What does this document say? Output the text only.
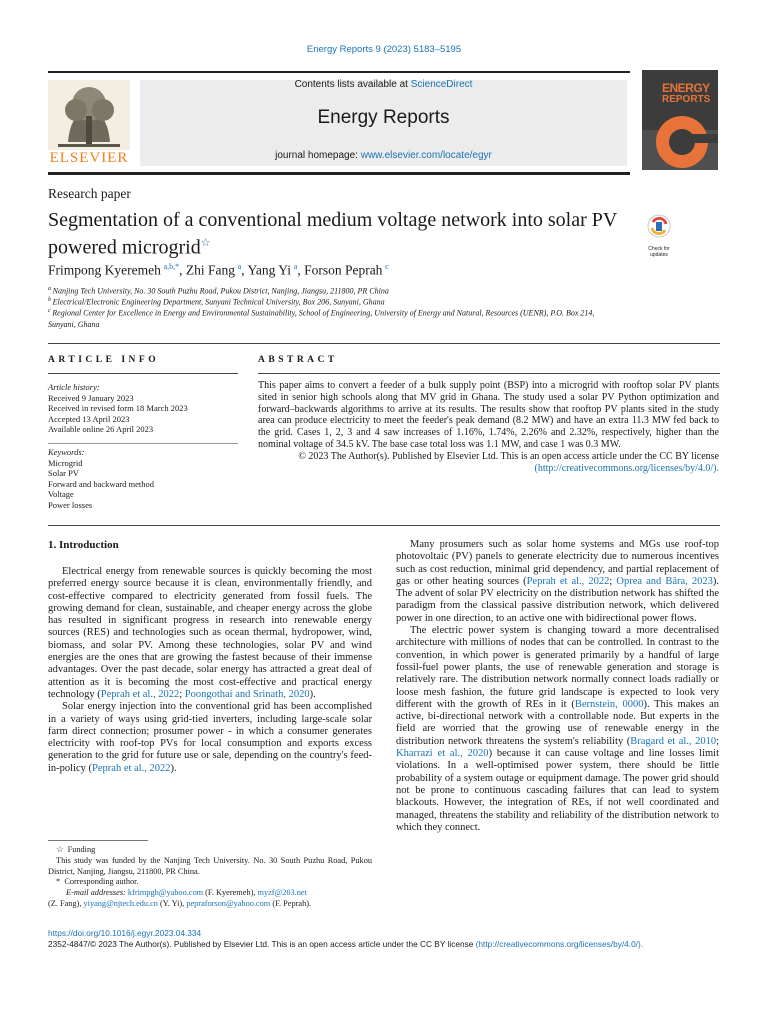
Energy Reports 9 (2023) 5183–5195
ELSEVIER
Contents lists available at ScienceDirect
Energy Reports
journal homepage: www.elsevier.com/locate/egyr
ENERGY
REPORTS
Research paper
Segmentation of a conventional medium voltage network into solar PV powered microgrid☆	Check for updates
Frimpong Kyeremeh  $^{a,b,*}$, Zhi Fang  $^a$, Yang Yi  $^a$, Forson Peprah  $^c$
$^a$  Nanjing Tech University, No. 30 South Puzhu Road, Pukou District, Nanjing, Jiangsu, 211800, PR China
$^b$  Electrical/Electronic Engineering Department, Sunyani Technical University, Box 206, Sunyani, Ghana
$^c$  Regional Center for Excellence in Energy and Environmental Sustainability, School of Engineering, University of Energy and Natural, Resources (UENR), P.O. Box 214, Sunyani, Ghana
ARTICLE INFO
Article history:
Received 9 January 2023
Received in revised form 18 March 2023
Accepted 13 April 2023
Available online 26 April 2023
Keywords:
Microgrid
Solar PV
Forward and backward method
Voltage
Power losses
ABSTRACT
This paper aims to convert a feeder of a bulk supply point (BSP) into a microgrid with rooftop solar PV plants sited in senior high schools along that MV grid in Ghana. The study used a solar PV Python optimization and forward–backwards algorithms to arrive at its results. The results show that rooftop PV plants sited in the study area can produce electricity to meet the feeder's peak demand (8.2 MW) and have an extra 11.3 MW fed back to the grid. Cases 1, 2, 3 and 4 saw increases of 1.16%, 1.74%, 2.26% and 2.32%, respectively, higher than the nominal voltage of 34.5 kV. The base case total loss was 1.1 MW, and case 1 was 0.3 MW.
© 2023 The Author(s). Published by Elsevier Ltd. This is an open access article under the CC BY license (http://creativecommons.org/licenses/by/4.0/).
1. Introduction

Electrical energy from renewable sources is quickly becoming the most preferred energy source because it is clean, environmentally friendly, and cost-effective compared to electricity generated from fossil fuels. The growing demand for clean, sustainable, and cheaper energy across the globe has resulted in significant progress in research into renewable energy sources (RES) and technologies such as ocean thermal, hydropower, wind, biomass, and solar PV. Among these technologies, solar PV and wind energies are the ones that are growing the fastest because of their immense advantages. Over the past decade, solar energy has attracted a great deal of attention as it is becoming the most cost-effective and practical energy technology (Peprah et al., 2022; Poongothai and Srinath, 2020).

Solar energy injection into the conventional grid has been accomplished in a variety of ways using grid-tied inverters, including large-scale solar farm direct connection; prosumer power - in which a consumer generates electricity with roof-top PVs for local consumption and exports excess generation to the grid for future use or sale, depending on the country's feed-in-policy (Peprah et al., 2022).

☆ Funding
This study was funded by the Nanjing Tech University. No. 30 South Puzhu Road, Pukou District, Nanjing, Jiangsu, 211800, PR China.
* Corresponding author.
E-mail addresses: kfrimpgh@yahoo.com (F. Kyeremeh), myzf@263.net
(Z. Fang), yiyang@njtech.edu.cn (Y. Yi), pepraforson@yahoo.com (F. Peprah).

Many prosumers such as solar home systems and MGs use roof-top photovoltaic (PV) panels to generate electricity due to numerous incentives such as cost reduction, minimal grid dependency, and partial replacement of gas or other heating sources (Peprah et al., 2022; Oprea and Bâra, 2023). The advent of solar PV electricity on the distribution network has shifted the paradigm from the classical passive distribution network, which delivered power in one direction, to an active one with bidirectional power flows.

The electric power system is changing toward a more decentralised architecture with millions of nodes that can be controlled. In contrast to the convention, in which power is generated primarily by a handful of large fossil-fuel power plants, the use of renewable generation and storage is relatively rare. The distribution network normally connect loads radially or loose mesh fashion, the future grid landscape is expected to look very different with the growth of REs in it (Bernstein, 0000). This makes an active, bi-directional network with a controllable node. But experts in the field are worried that the growing use of renewable energy in the distribution network threatens the system's reliability (Bragard et al., 2010; Kharrazi et al., 2020) because it can cause voltage and line losses limit violations. In a well-optimised power system, there should be little probability of a system outage or equipment damage. The power grid should not be prone to continuous cascading failures that can lead to system blackouts. However, the integration of REs, if not well coordinated and managed, threatens the stability and reliability of the distribution network to which they connect.

https://doi.org/10.1016/j.egyr.2023.04.334
2352-4847/© 2023 The Author(s). Published by Elsevier Ltd. This is an open access article under the CC BY license (http://creativecommons.org/licenses/by/4.0/).
